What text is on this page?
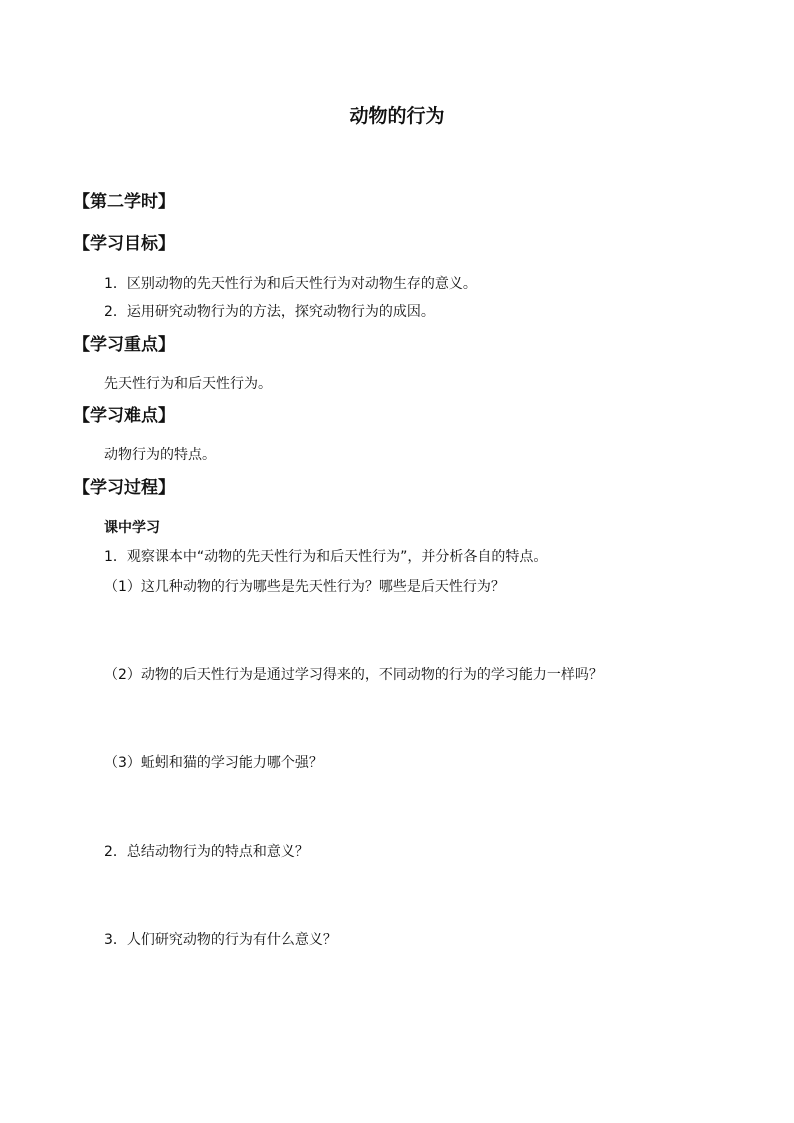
动物的行为
【第二学时】
【学习目标】
1．区别动物的先天性行为和后天性行为对动物生存的意义。
2．运用研究动物行为的方法，探究动物行为的成因。
【学习重点】
先天性行为和后天性行为。
【学习难点】
动物行为的特点。
【学习过程】
课中学习
1．观察课本中“动物的先天性行为和后天性行为”，并分析各自的特点。
（1）这几种动物的行为哪些是先天性行为？哪些是后天性行为？
（2）动物的后天性行为是通过学习得来的，不同动物的行为的学习能力一样吗？
（3）蚯蚓和猫的学习能力哪个强？
2．总结动物行为的特点和意义？
3．人们研究动物的行为有什么意义？
